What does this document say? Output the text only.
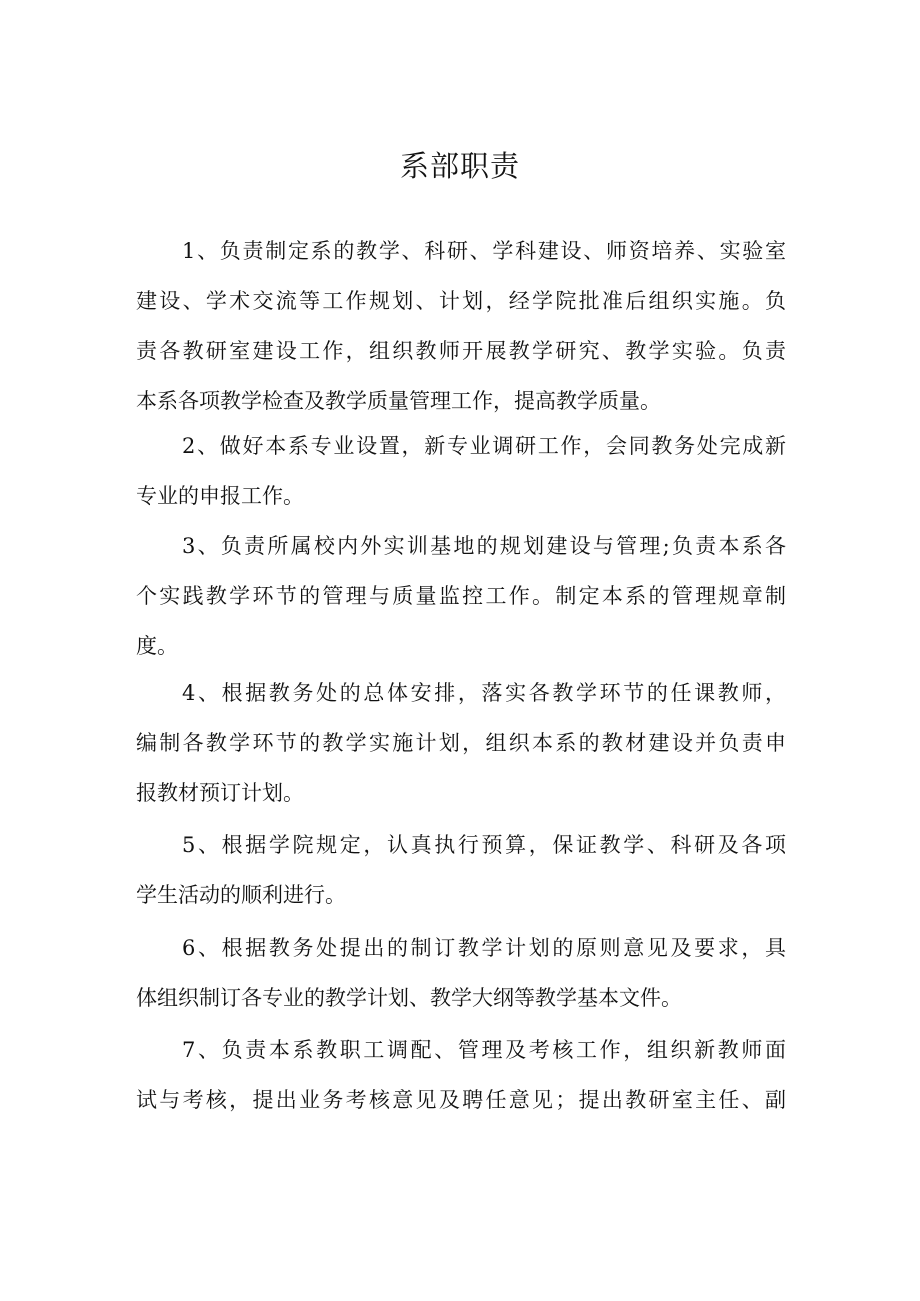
系部职责
1、负责制定系的教学、科研、学科建设、师资培养、实验室
建设、学术交流等工作规划、计划，经学院批准后组织实施。负
责各教研室建设工作，组织教师开展教学研究、教学实验。负责
本系各项教学检查及教学质量管理工作，提高教学质量。
2、做好本系专业设置，新专业调研工作，会同教务处完成新
专业的申报工作。
3、负责所属校内外实训基地的规划建设与管理;负责本系各
个实践教学环节的管理与质量监控工作。制定本系的管理规章制
度。
4、根据教务处的总体安排，落实各教学环节的任课教师，
编制各教学环节的教学实施计划，组织本系的教材建设并负责申
报教材预订计划。
5、根据学院规定，认真执行预算，保证教学、科研及各项
学生活动的顺利进行。
6、根据教务处提出的制订教学计划的原则意见及要求，具
体组织制订各专业的教学计划、教学大纲等教学基本文件。
7、负责本系教职工调配、管理及考核工作，组织新教师面
试与考核，提出业务考核意见及聘任意见；提出教研室主任、副
